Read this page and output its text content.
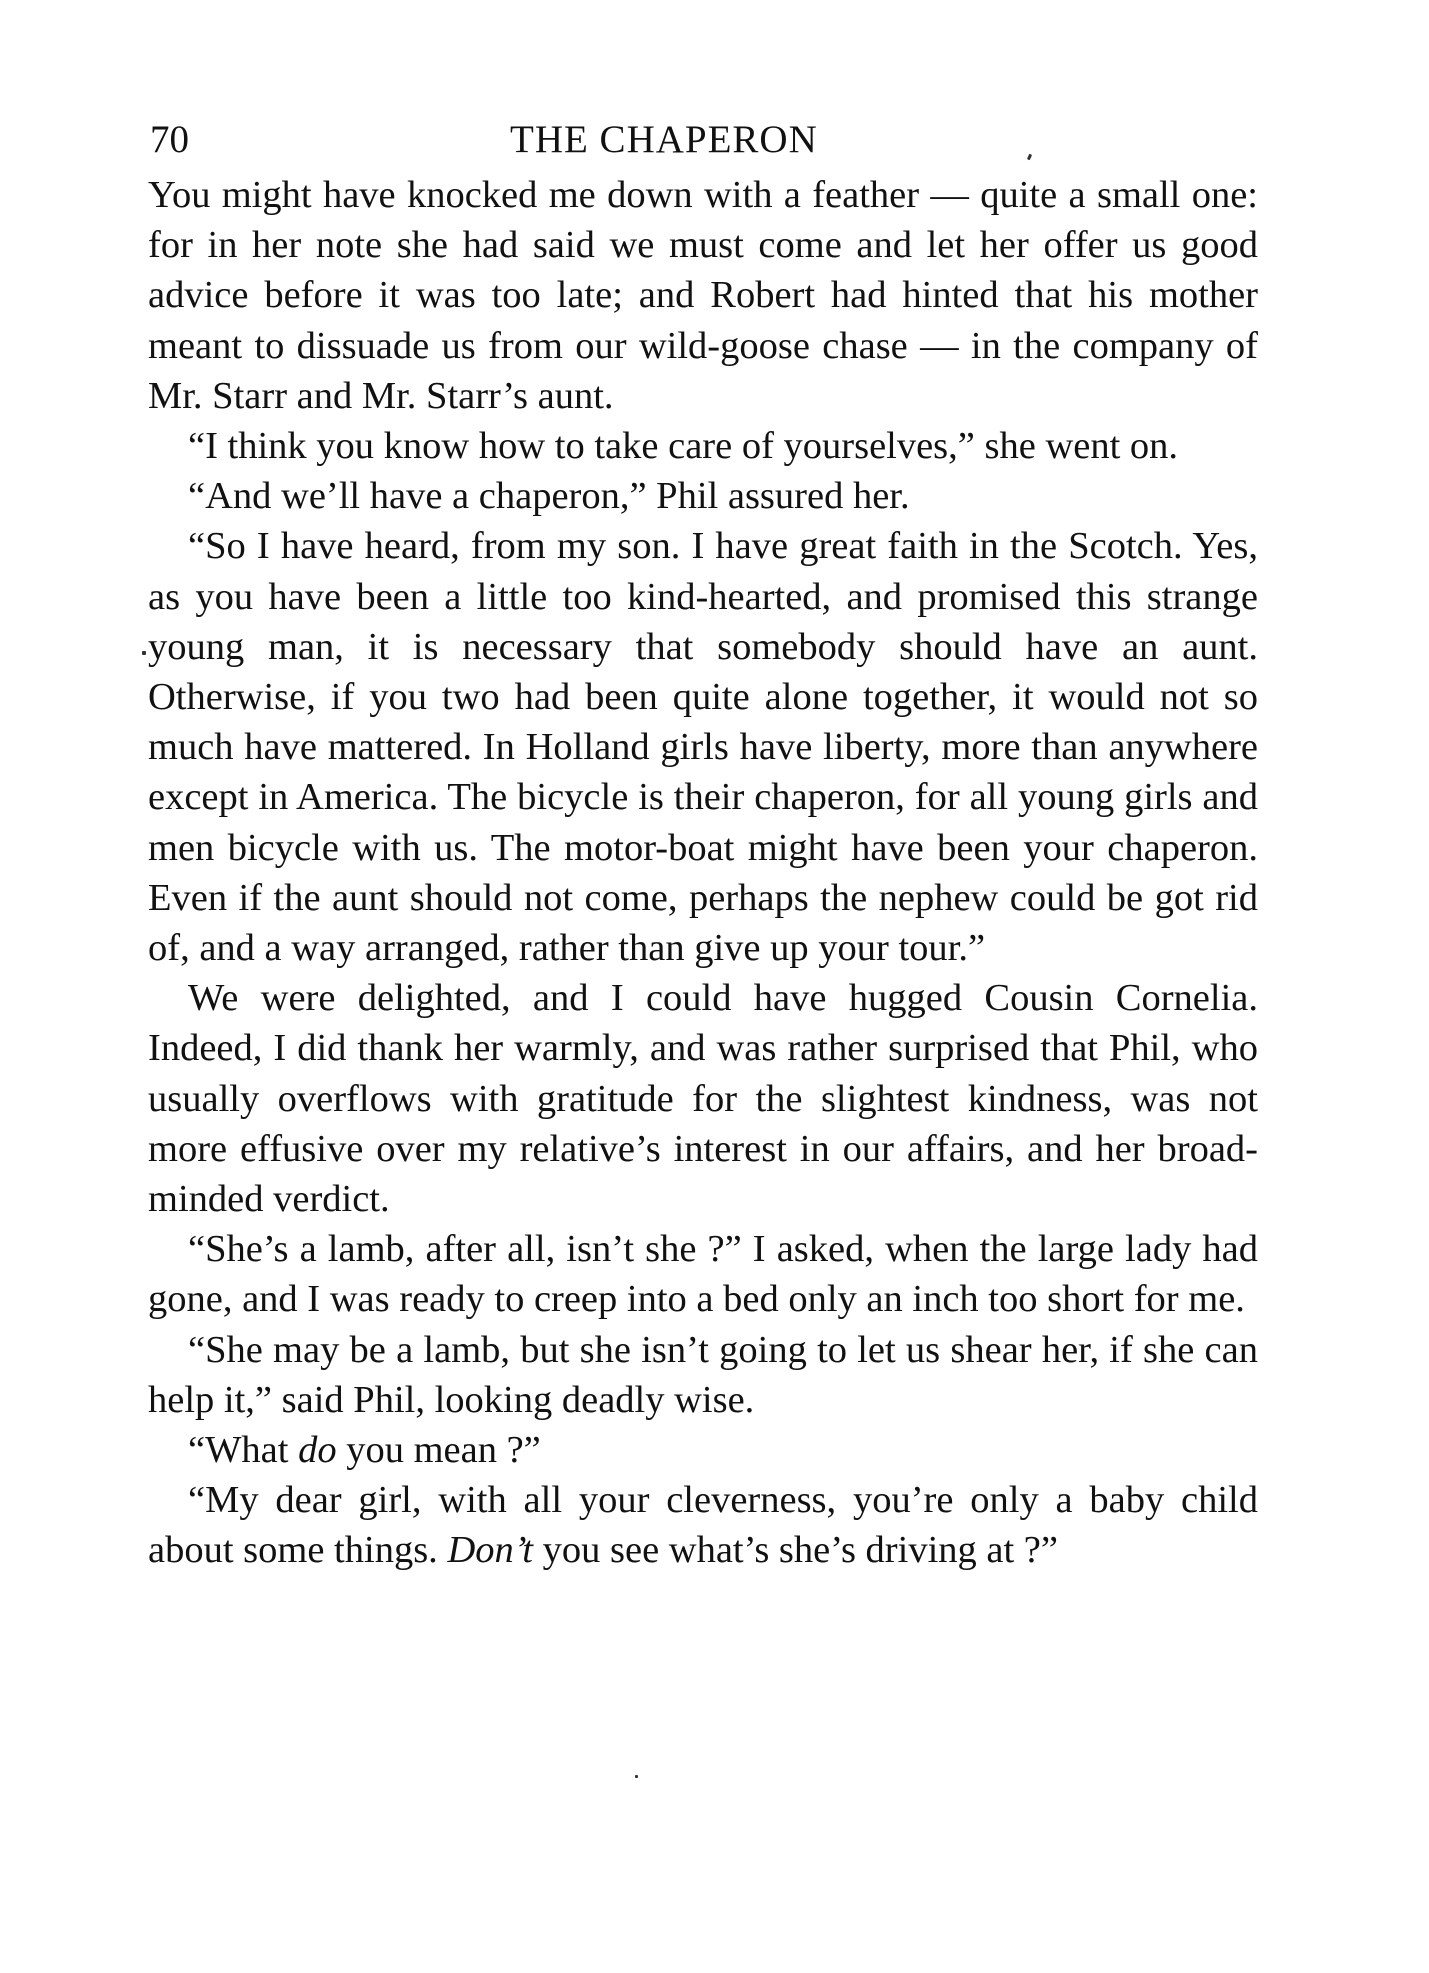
70	THE CHAPERON

You might have knocked me down with a feather — quite a small one: for in her note she had said we must come and let her offer us good advice before it was too late; and Robert had hinted that his mother meant to dissuade us from our wild-goose chase — in the company of Mr. Starr and Mr. Starr’s aunt.

“I think you know how to take care of yourselves,” she went on.

“And we’ll have a chaperon,” Phil assured her.

“So I have heard, from my son. I have great faith in the Scotch. Yes, as you have been a little too kind-hearted, and promised this strange young man, it is necessary that somebody should have an aunt. Otherwise, if you two had been quite alone together, it would not so much have mattered. In Holland girls have liberty, more than anywhere except in America. The bicycle is their chaperon, for all young girls and men bicycle with us. The motor-boat might have been your chaperon. Even if the aunt should not come, perhaps the nephew could be got rid of, and a way arranged, rather than give up your tour.”

We were delighted, and I could have hugged Cousin Cornelia. Indeed, I did thank her warmly, and was rather surprised that Phil, who usually overflows with gratitude for the slightest kindness, was not more effusive over my relative’s interest in our affairs, and her broad-minded verdict.

“She’s a lamb, after all, isn’t she ?” I asked, when the large lady had gone, and I was ready to creep into a bed only an inch too short for me.

“She may be a lamb, but she isn’t going to let us shear her, if she can help it,” said Phil, looking deadly wise.

“What do you mean ?”

“My dear girl, with all your cleverness, you’re only a baby child about some things. Don’t you see what’s she’s driving at ?”
